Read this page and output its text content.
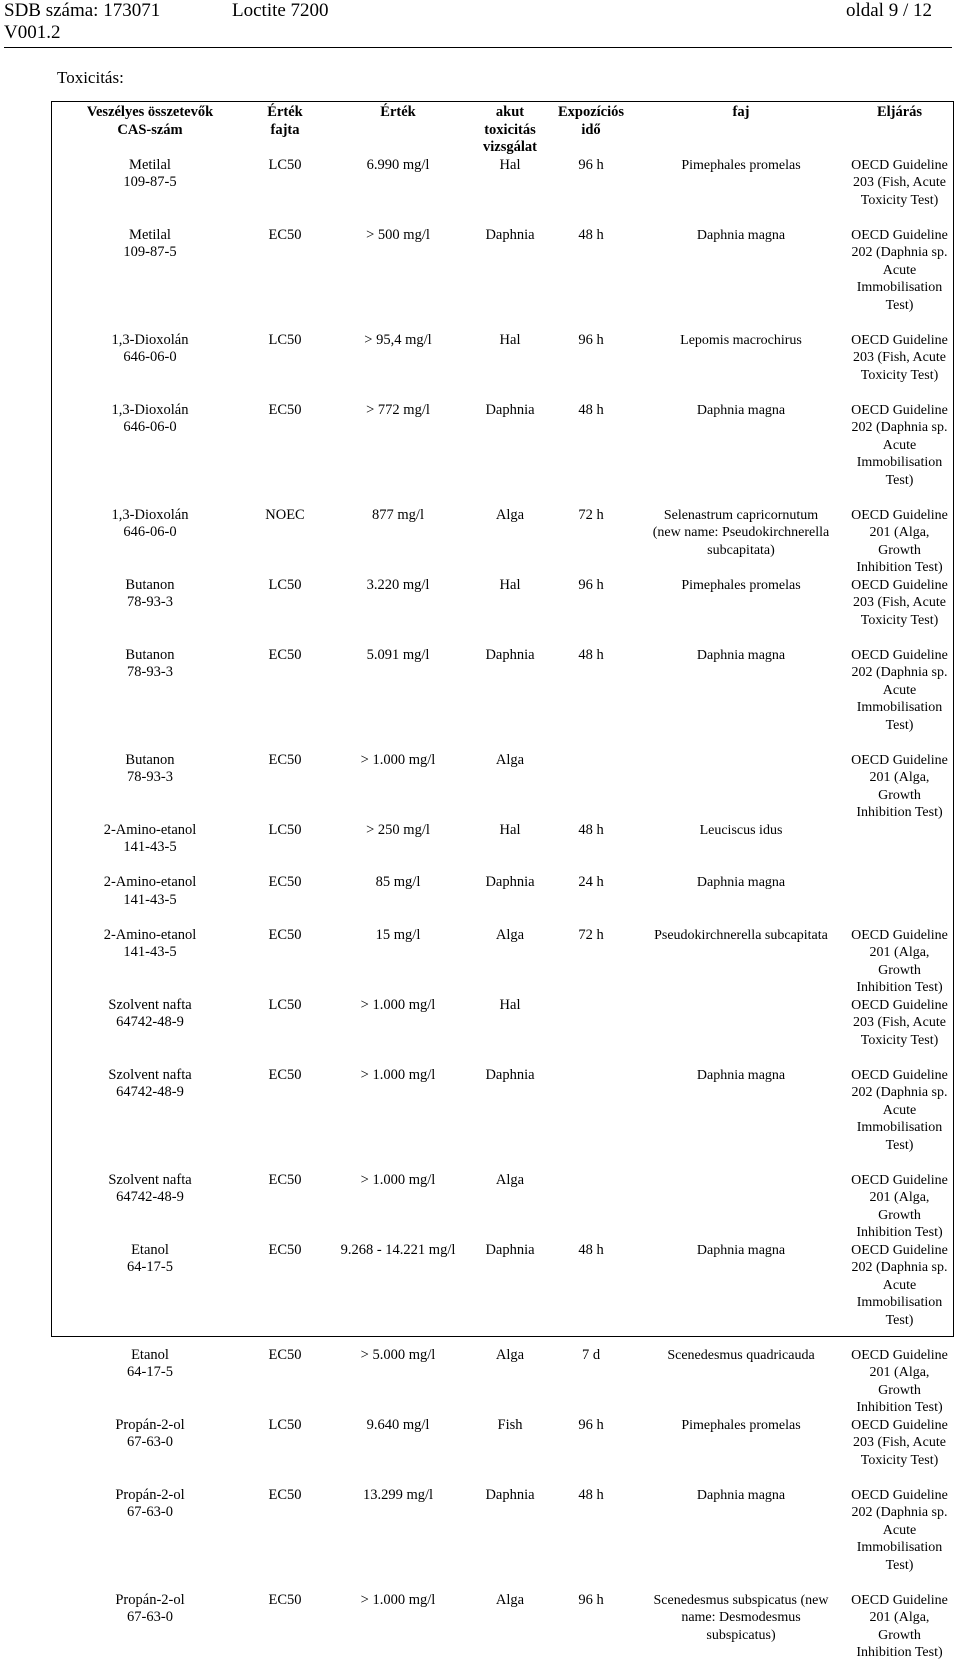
SDB száma: 173071	Loctite 7200	oldal 9 / 12
V001.2
Toxicitás:
Veszélyes összetevők
CAS-szám	Érték
fajta	Érték	akut
toxicitás
vizsgálat	Expozíciós
idő	faj	Eljárás

Metilal
109-87-5	LC50	6.990 mg/l	Hal	96 h	Pimephales promelas	OECD Guideline
203 (Fish, Acute
Toxicity Test)

Metilal
109-87-5	EC50	> 500 mg/l	Daphnia	48 h	Daphnia magna	OECD Guideline
202 (Daphnia sp.
Acute
Immobilisation
Test)

1,3-Dioxolán
646-06-0	LC50	> 95,4 mg/l	Hal	96 h	Lepomis macrochirus	OECD Guideline
203 (Fish, Acute
Toxicity Test)

1,3-Dioxolán
646-06-0	EC50	> 772 mg/l	Daphnia	48 h	Daphnia magna	OECD Guideline
202 (Daphnia sp.
Acute
Immobilisation
Test)

1,3-Dioxolán
646-06-0	NOEC	877 mg/l	Alga	72 h	Selenastrum capricornutum
(new name: Pseudokirchnerella
subcapitata)	OECD Guideline
201 (Alga, Growth
Inhibition Test)

Butanon
78-93-3	LC50	3.220 mg/l	Hal	96 h	Pimephales promelas	OECD Guideline
203 (Fish, Acute
Toxicity Test)

Butanon
78-93-3	EC50	5.091 mg/l	Daphnia	48 h	Daphnia magna	OECD Guideline
202 (Daphnia sp.
Acute
Immobilisation
Test)

Butanon
78-93-3	EC50	> 1.000 mg/l	Alga			OECD Guideline
201 (Alga, Growth
Inhibition Test)

2-Amino-etanol
141-43-5	LC50	> 250 mg/l	Hal	48 h	Leuciscus idus	

2-Amino-etanol
141-43-5	EC50	85 mg/l	Daphnia	24 h	Daphnia magna	

2-Amino-etanol
141-43-5	EC50	15 mg/l	Alga	72 h	Pseudokirchnerella subcapitata	OECD Guideline
201 (Alga, Growth
Inhibition Test)

Szolvent nafta
64742-48-9	LC50	> 1.000 mg/l	Hal			OECD Guideline
203 (Fish, Acute
Toxicity Test)

Szolvent nafta
64742-48-9	EC50	> 1.000 mg/l	Daphnia		Daphnia magna	OECD Guideline
202 (Daphnia sp.
Acute
Immobilisation
Test)

Szolvent nafta
64742-48-9	EC50	> 1.000 mg/l	Alga			OECD Guideline
201 (Alga, Growth
Inhibition Test)

Etanol
64-17-5	EC50	9.268 - 14.221 mg/l	Daphnia	48 h	Daphnia magna	OECD Guideline
202 (Daphnia sp.
Acute
Immobilisation
Test)

Etanol
64-17-5	EC50	> 5.000 mg/l	Alga	7 d	Scenedesmus quadricauda	OECD Guideline
201 (Alga, Growth
Inhibition Test)

Propán-2-ol
67-63-0	LC50	9.640 mg/l	Fish	96 h	Pimephales promelas	OECD Guideline
203 (Fish, Acute
Toxicity Test)

Propán-2-ol
67-63-0	EC50	13.299 mg/l	Daphnia	48 h	Daphnia magna	OECD Guideline
202 (Daphnia sp.
Acute
Immobilisation
Test)

Propán-2-ol
67-63-0	EC50	> 1.000 mg/l	Alga	96 h	Scenedesmus subspicatus (new
name: Desmodesmus
subspicatus)	OECD Guideline
201 (Alga, Growth
Inhibition Test)
